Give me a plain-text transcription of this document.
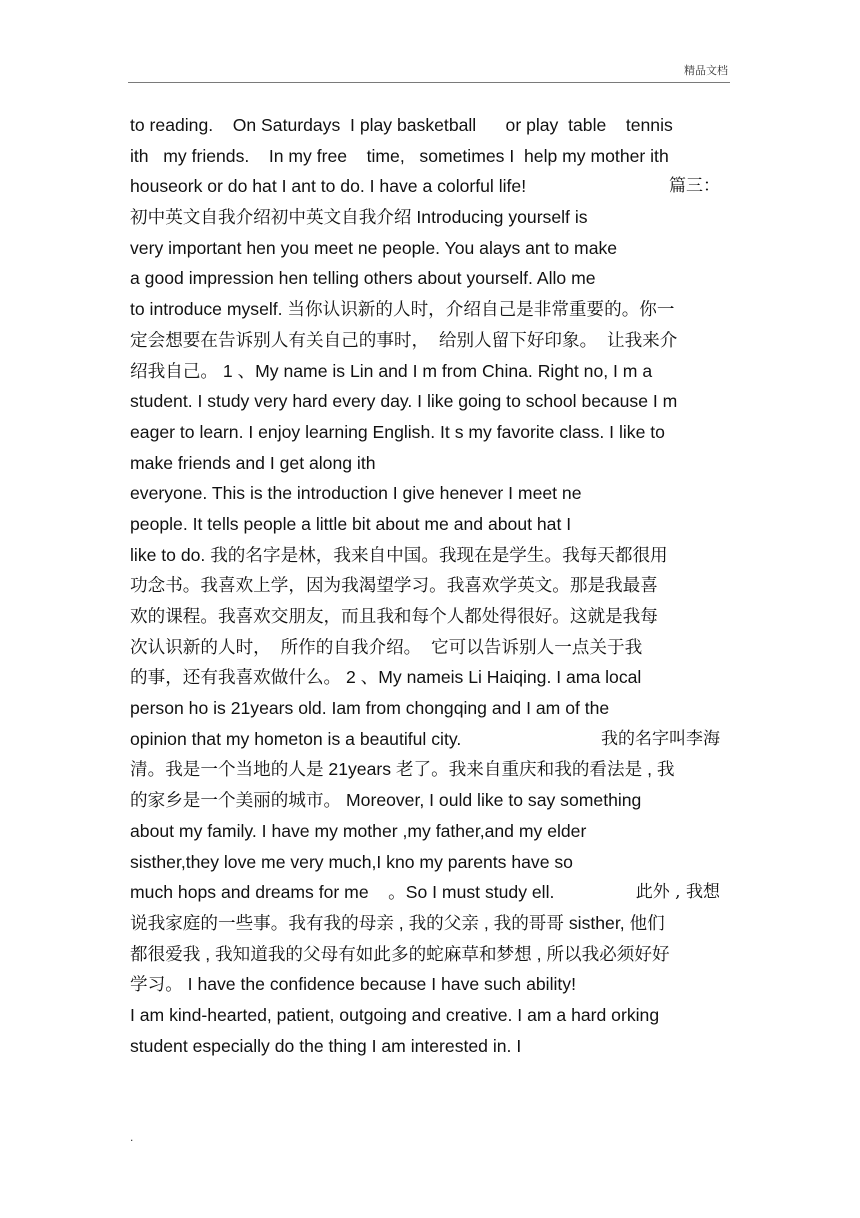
精品文档
to reading.    On Saturdays  I play basketball      or play  table    tennis
ith   my friends.    In my free    time,   sometimes I  help my mother ith
houseork or do hat I ant to do. I have a colorful life!	篇三：
初中英文自我介绍初中英文自我介绍 Introducing yourself is
very important hen you meet ne people. You alays ant to make
a good impression hen telling others about yourself. Allo me
to introduce myself. 当你认识新的人时，介绍自己是非常重要的。你一
定会想要在告诉别人有关自己的事时，  给别人留下好印象。  让我来介
绍我自己。 1 、My name is Lin and I m from China. Right no, I m a
student. I study very hard every day. I like going to school because I m
eager to learn. I enjoy learning English. It s my favorite class. I like to
make friends and I get along ith
everyone. This is the introduction I give henever I meet ne
people. It tells people a little bit about me and about hat I
like to do. 我的名字是林，我来自中国。我现在是学生。我每天都很用
功念书。我喜欢上学，因为我渴望学习。我喜欢学英文。那是我最喜
欢的课程。我喜欢交朋友，而且我和每个人都处得很好。这就是我每
次认识新的人时，  所作的自我介绍。  它可以告诉别人一点关于我
的事，还有我喜欢做什么。 2 、My nameis Li Haiqing. I ama local
person ho is 21years old. Iam from chongqing and I am of the
opinion that my hometon is a beautiful city.	我的名字叫李海
清。我是一个当地的人是 21years 老了。我来自重庆和我的看法是 , 我
的家乡是一个美丽的城市。 Moreover, I ould like to say something
about my family. I have my mother ,my father,and my elder
sisther,they love me very much,I kno my parents have so
much hops and dreams for me    。So I must study ell.	此外 , 我想
说我家庭的一些事。我有我的母亲 , 我的父亲 , 我的哥哥 sisther, 他们
都很爱我 , 我知道我的父母有如此多的蛇麻草和梦想 , 所以我必须好好
学习。 I have the confidence because I have such ability!
I am kind-hearted, patient, outgoing and creative. I am a hard orking
student especially do the thing I am interested in. I
.
